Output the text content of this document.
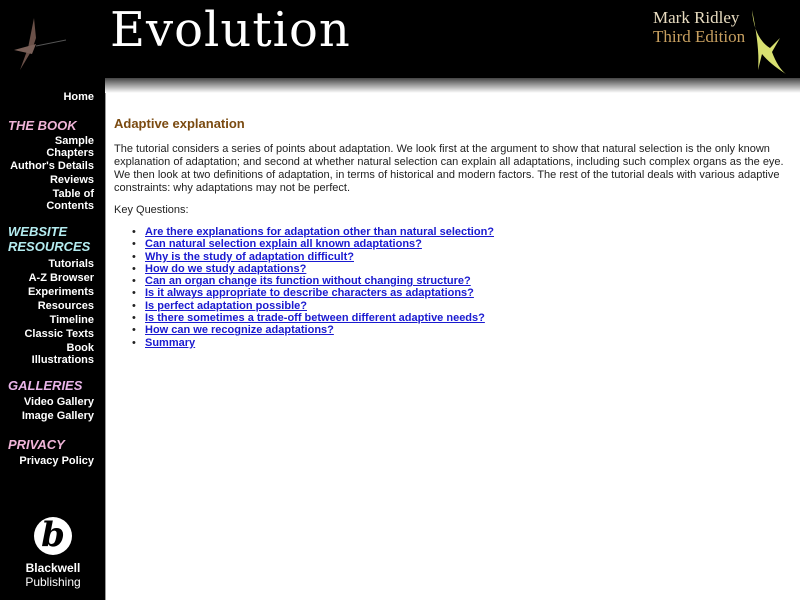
Evolution	Mark Ridley
Third Edition
Home
THE BOOK
Sample Chapters
Author's Details
Reviews
Table of Contents
WEBSITE RESOURCES
Tutorials
A-Z Browser
Experiments
Resources
Timeline
Classic Texts
Book Illustrations
GALLERIES
Video Gallery
Image Gallery
PRIVACY
Privacy Policy
b
Blackwell
Publishing
Adaptive explanation

The tutorial considers a series of points about adaptation. We look first at the argument to show that natural selection is the only known explanation of adaptation; and second at whether natural selection can explain all adaptations, including such complex organs as the eye. We then look at two definitions of adaptation, in terms of historical and modern factors. The rest of the tutorial deals with various adaptive constraints: why adaptations may not be perfect.

Key Questions:

• Are there explanations for adaptation other than natural selection?
• Can natural selection explain all known adaptations?
• Why is the study of adaptation difficult?
• How do we study adaptations?
• Can an organ change its function without changing structure?
• Is it always appropriate to describe characters as adaptations?
• Is perfect adaptation possible?
• Is there sometimes a trade-off between different adaptive needs?
• How can we recognize adaptations?
• Summary
